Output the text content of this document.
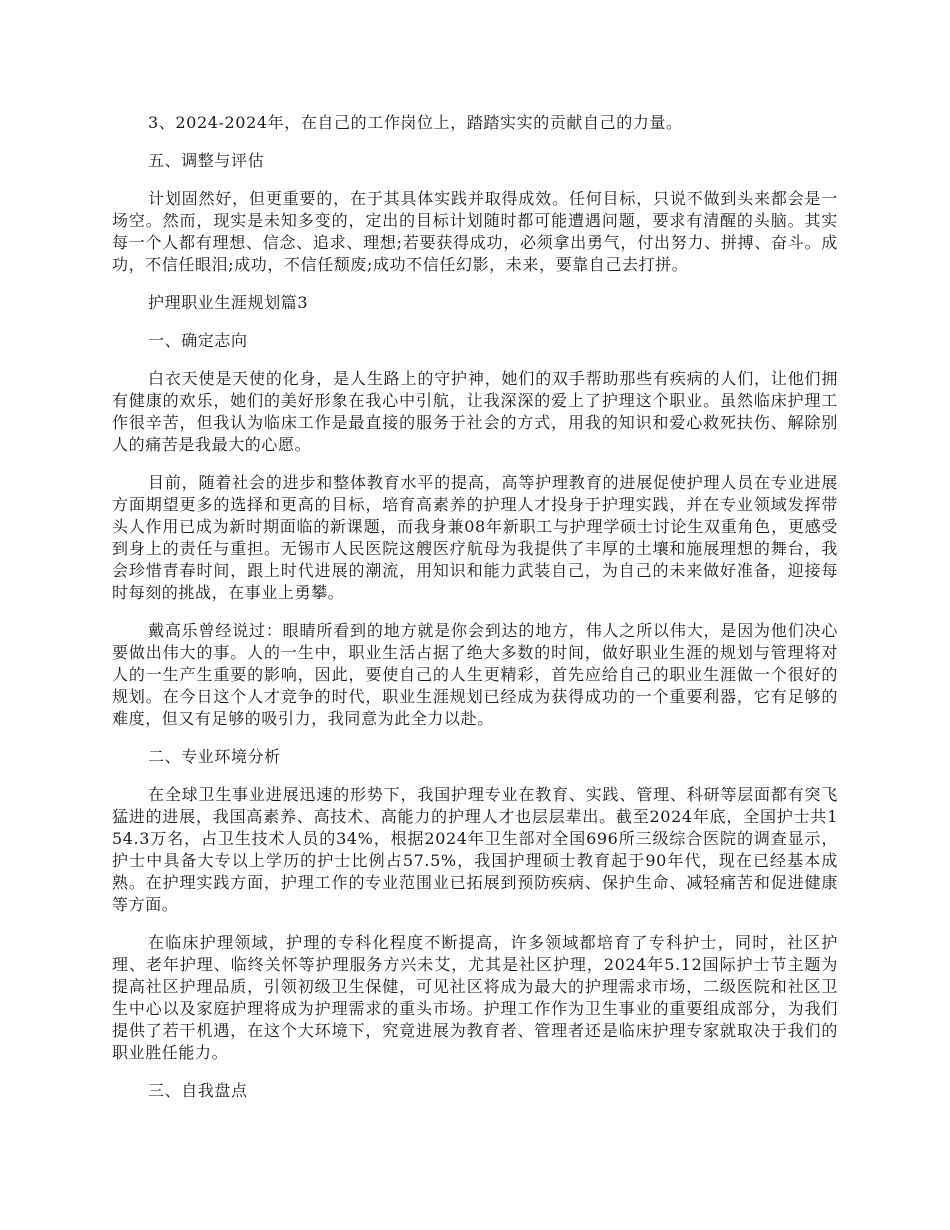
3、2024-2024年，在自己的工作岗位上，踏踏实实的贡献自己的力量。

五、调整与评估

计划固然好，但更重要的，在于其具体实践并取得成效。任何目标，只说不做到头来都会是一场空。然而，现实是未知多变的，定出的目标计划随时都可能遭遇问题，要求有清醒的头脑。其实每一个人都有理想、信念、追求、理想;若要获得成功，必须拿出勇气，付出努力、拼搏、奋斗。成功，不信任眼泪;成功，不信任颓废;成功不信任幻影，未来，要靠自己去打拼。

护理职业生涯规划篇3

一、确定志向

白衣天使是天使的化身，是人生路上的守护神，她们的双手帮助那些有疾病的人们，让他们拥有健康的欢乐，她们的美好形象在我心中引航，让我深深的爱上了护理这个职业。虽然临床护理工作很辛苦，但我认为临床工作是最直接的服务于社会的方式，用我的知识和爱心救死扶伤、解除别人的痛苦是我最大的心愿。

目前，随着社会的进步和整体教育水平的提高，高等护理教育的进展促使护理人员在专业进展方面期望更多的选择和更高的目标，培育高素养的护理人才投身于护理实践，并在专业领域发挥带头人作用已成为新时期面临的新课题，而我身兼08年新职工与护理学硕士讨论生双重角色，更感受到身上的责任与重担。无锡市人民医院这艘医疗航母为我提供了丰厚的土壤和施展理想的舞台，我会珍惜青春时间，跟上时代进展的潮流，用知识和能力武装自己，为自己的未来做好准备，迎接每时每刻的挑战，在事业上勇攀。

戴高乐曾经说过：眼睛所看到的地方就是你会到达的地方，伟人之所以伟大，是因为他们决心要做出伟大的事。人的一生中，职业生活占据了绝大多数的时间，做好职业生涯的规划与管理将对人的一生产生重要的影响，因此，要使自己的人生更精彩，首先应给自己的职业生涯做一个很好的规划。在今日这个人才竞争的时代，职业生涯规划已经成为获得成功的一个重要利器，它有足够的难度，但又有足够的吸引力，我同意为此全力以赴。

二、专业环境分析

在全球卫生事业进展迅速的形势下，我国护理专业在教育、实践、管理、科研等层面都有突飞猛进的进展，我国高素养、高技术、高能力的护理人才也层层辈出。截至2024年底，全国护士共154.3万名，占卫生技术人员的34%，根据2024年卫生部对全国696所三级综合医院的调查显示，护士中具备大专以上学历的护士比例占57.5%，我国护理硕士教育起于90年代，现在已经基本成熟。在护理实践方面，护理工作的专业范围业已拓展到预防疾病、保护生命、减轻痛苦和促进健康等方面。

在临床护理领域，护理的专科化程度不断提高，许多领域都培育了专科护士，同时，社区护理、老年护理、临终关怀等护理服务方兴未艾，尤其是社区护理，2024年5.12国际护士节主题为提高社区护理品质，引领初级卫生保健，可见社区将成为最大的护理需求市场，二级医院和社区卫生中心以及家庭护理将成为护理需求的重头市场。护理工作作为卫生事业的重要组成部分，为我们提供了若干机遇，在这个大环境下，究竟进展为教育者、管理者还是临床护理专家就取决于我们的职业胜任能力。

三、自我盘点
